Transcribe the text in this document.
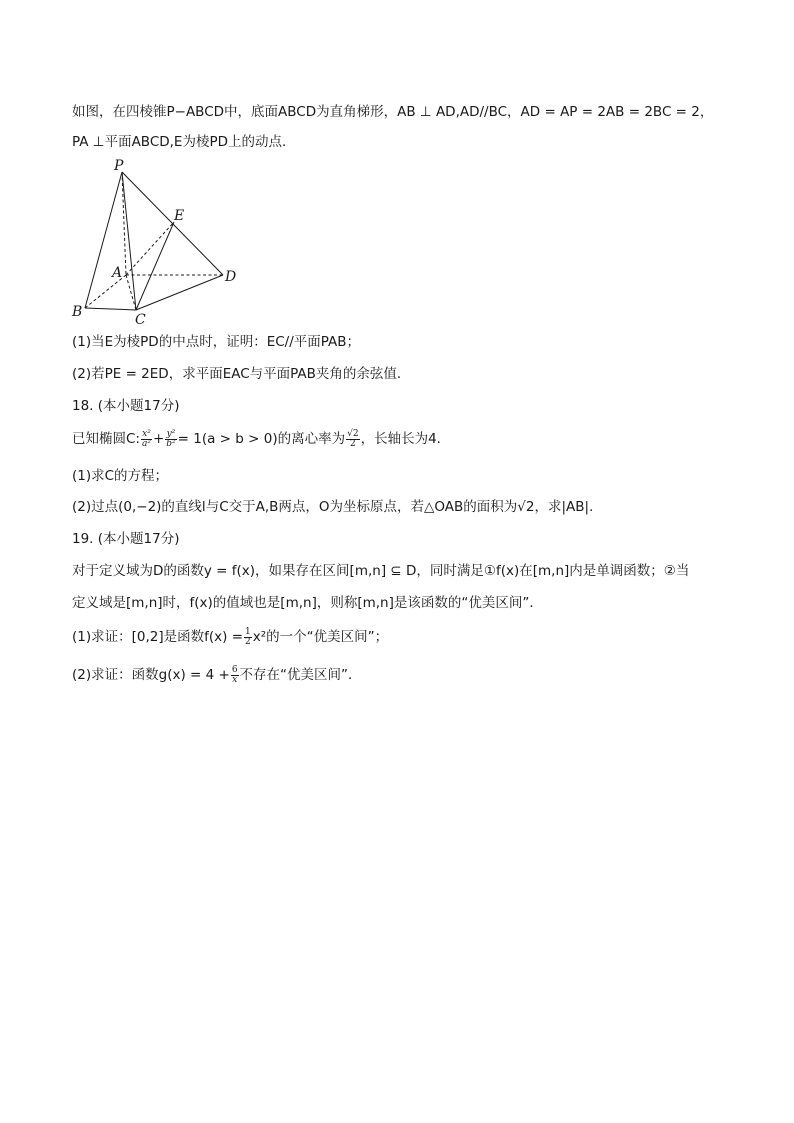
如图，在四棱锥P−ABCD中，底面ABCD为直角梯形，AB ⊥ AD,AD//BC，AD = AP = 2AB = 2BC = 2，
PA ⊥平面ABCD,E为棱PD上的动点．
P
E
A	D
B	C
(1)当E为棱PD的中点时，证明：EC//平面PAB；
(2)若PE = 2ED，求平面EAC与平面PAB夹角的余弦值．
18. (本小题17分)
已知椭圆C: $\frac{\text{x²}}{\text{a²}} + \frac{\text{y²}}{\text{b²}} = 1(a > b > 0)$的离心率为 $\frac{√2}{2}$ ，长轴长为4．
(1)求C的方程；
(2)过点(0,−2)的直线l与C交于A,B两点，O为坐标原点，若△OAB的面积为√2，求|AB|．
19. (本小题17分)
对于定义域为D的函数y = f(x)，如果存在区间[m,n] ⊆ D，同时满足①f(x)在[m,n]内是单调函数；②当
定义域是[m,n]时，f(x)的值域也是[m,n]，则称[m,n]是该函数的“优美区间”．
(1)求证：[0,2]是函数$f(x) = \frac{1}{2} x^2$的一个“优美区间”；
(2)求证：函数$g(x) = 4 + \frac{6}{x}$ 不存在“优美区间”．
